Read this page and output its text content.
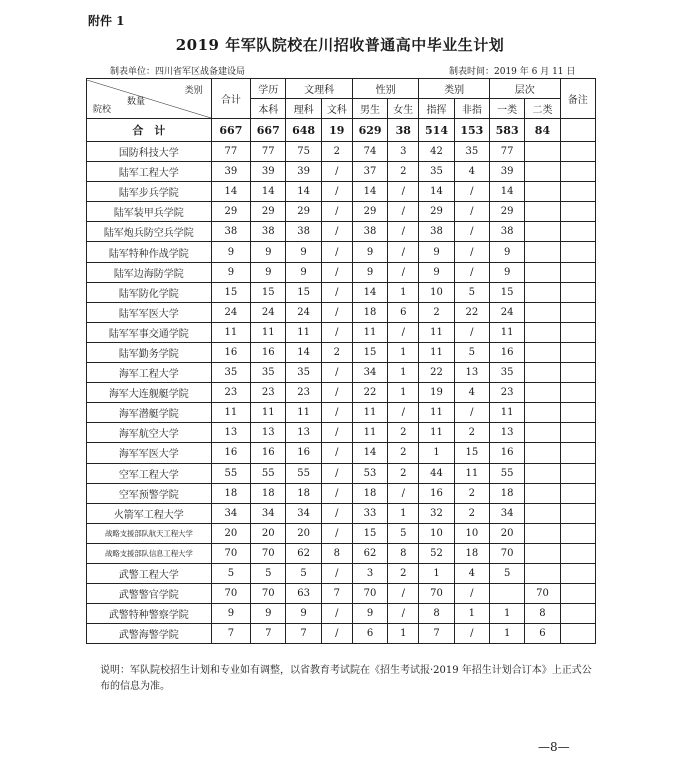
附件 1
2019 年军队院校在川招收普通高中毕业生计划
制表单位：四川省军区战备建设局	制表时间：2019 年 6 月 11 日
类别
数量
院校	合计	学历	文理科		性别		类别		层次		备注
		本科	理科	文科	男生	女生	指挥	非指	一类	二类	
合　计	667	667	648	19	629	38	514	153	583	84	
国防科技大学	77	77	75	2	74	3	42	35	77		
陆军工程大学	39	39	39	/	37	2	35	4	39		
陆军步兵学院	14	14	14	/	14	/	14	/	14		
陆军装甲兵学院	29	29	29	/	29	/	29	/	29		
陆军炮兵防空兵学院	38	38	38	/	38	/	38	/	38		
陆军特种作战学院	9	9	9	/	9	/	9	/	9		
陆军边海防学院	9	9	9	/	9	/	9	/	9		
陆军防化学院	15	15	15	/	14	1	10	5	15		
陆军军医大学	24	24	24	/	18	6	2	22	24		
陆军军事交通学院	11	11	11	/	11	/	11	/	11		
陆军勤务学院	16	16	14	2	15	1	11	5	16		
海军工程大学	35	35	35	/	34	1	22	13	35		
海军大连舰艇学院	23	23	23	/	22	1	19	4	23		
海军潜艇学院	11	11	11	/	11	/	11	/	11		
海军航空大学	13	13	13	/	11	2	11	2	13		
海军军医大学	16	16	16	/	14	2	1	15	16		
空军工程大学	55	55	55	/	53	2	44	11	55		
空军预警学院	18	18	18	/	18	/	16	2	18		
火箭军工程大学	34	34	34	/	33	1	32	2	34		
战略支援部队航天工程大学	20	20	20	/	15	5	10	10	20		
战略支援部队信息工程大学	70	70	62	8	62	8	52	18	70		
武警工程大学	5	5	5	/	3	2	1	4	5		
武警警官学院	70	70	63	7	70	/	70	/		70	
武警特种警察学院	9	9	9	/	9	/	8	1	1	8	
武警海警学院	7	7	7	/	6	1	7	/	1	6	
说明：军队院校招生计划和专业如有调整，以省教育考试院在《招生考试报·2019 年招生计划合订本》上正式公布的信息为准。
—8—
